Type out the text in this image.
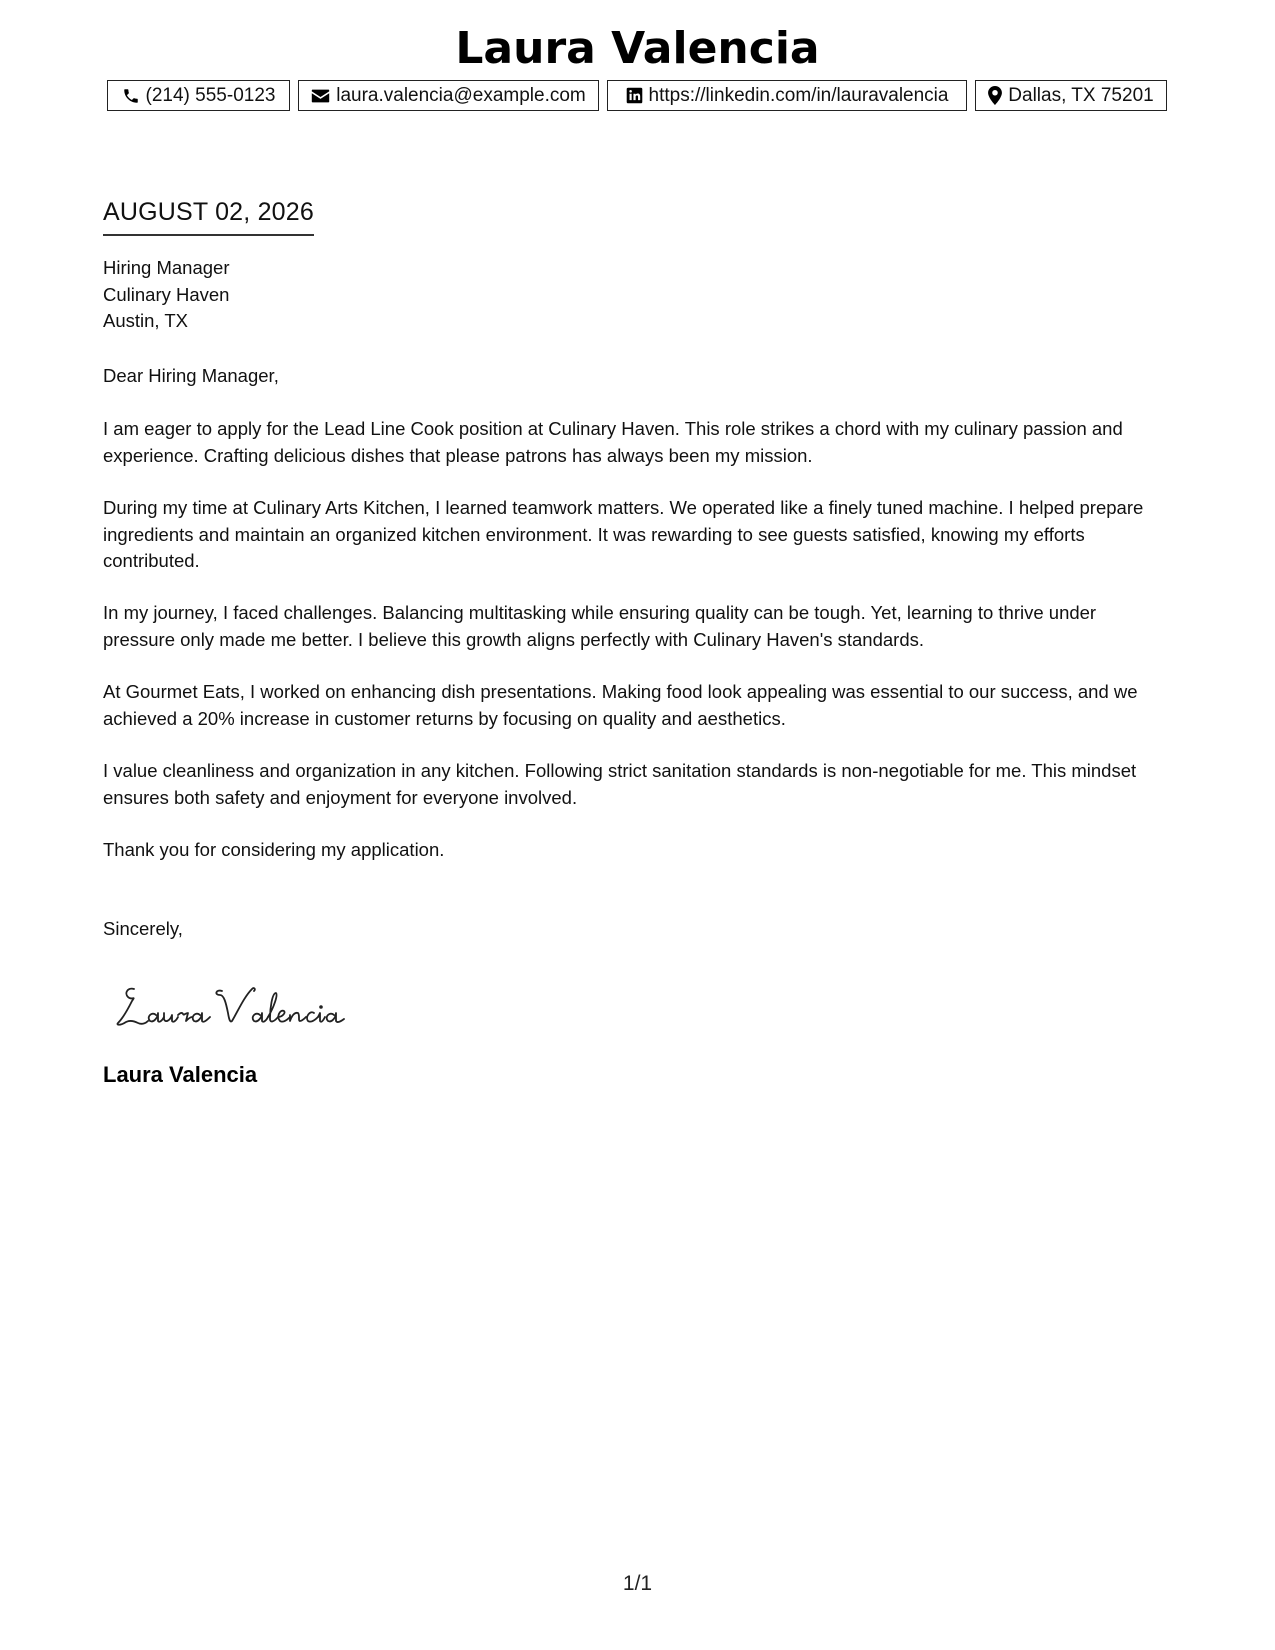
Laura Valencia
(214) 555-0123	laura.valencia@example.com	https://linkedin.com/in/lauravalencia	Dallas, TX 75201
AUGUST 02, 2026
Hiring Manager
Culinary Haven
Austin, TX

Dear Hiring Manager,

I am eager to apply for the Lead Line Cook position at Culinary Haven. This role strikes a chord with my culinary passion and experience. Crafting delicious dishes that please patrons has always been my mission.

During my time at Culinary Arts Kitchen, I learned teamwork matters. We operated like a finely tuned machine. I helped prepare ingredients and maintain an organized kitchen environment. It was rewarding to see guests satisfied, knowing my efforts contributed.

In my journey, I faced challenges. Balancing multitasking while ensuring quality can be tough. Yet, learning to thrive under pressure only made me better. I believe this growth aligns perfectly with Culinary Haven's standards.

At Gourmet Eats, I worked on enhancing dish presentations. Making food look appealing was essential to our success, and we achieved a 20% increase in customer returns by focusing on quality and aesthetics.

I value cleanliness and organization in any kitchen. Following strict sanitation standards is non-negotiable for me. This mindset ensures both safety and enjoyment for everyone involved.

Thank you for considering my application.

Sincerely,

Laura Valencia
1/1
